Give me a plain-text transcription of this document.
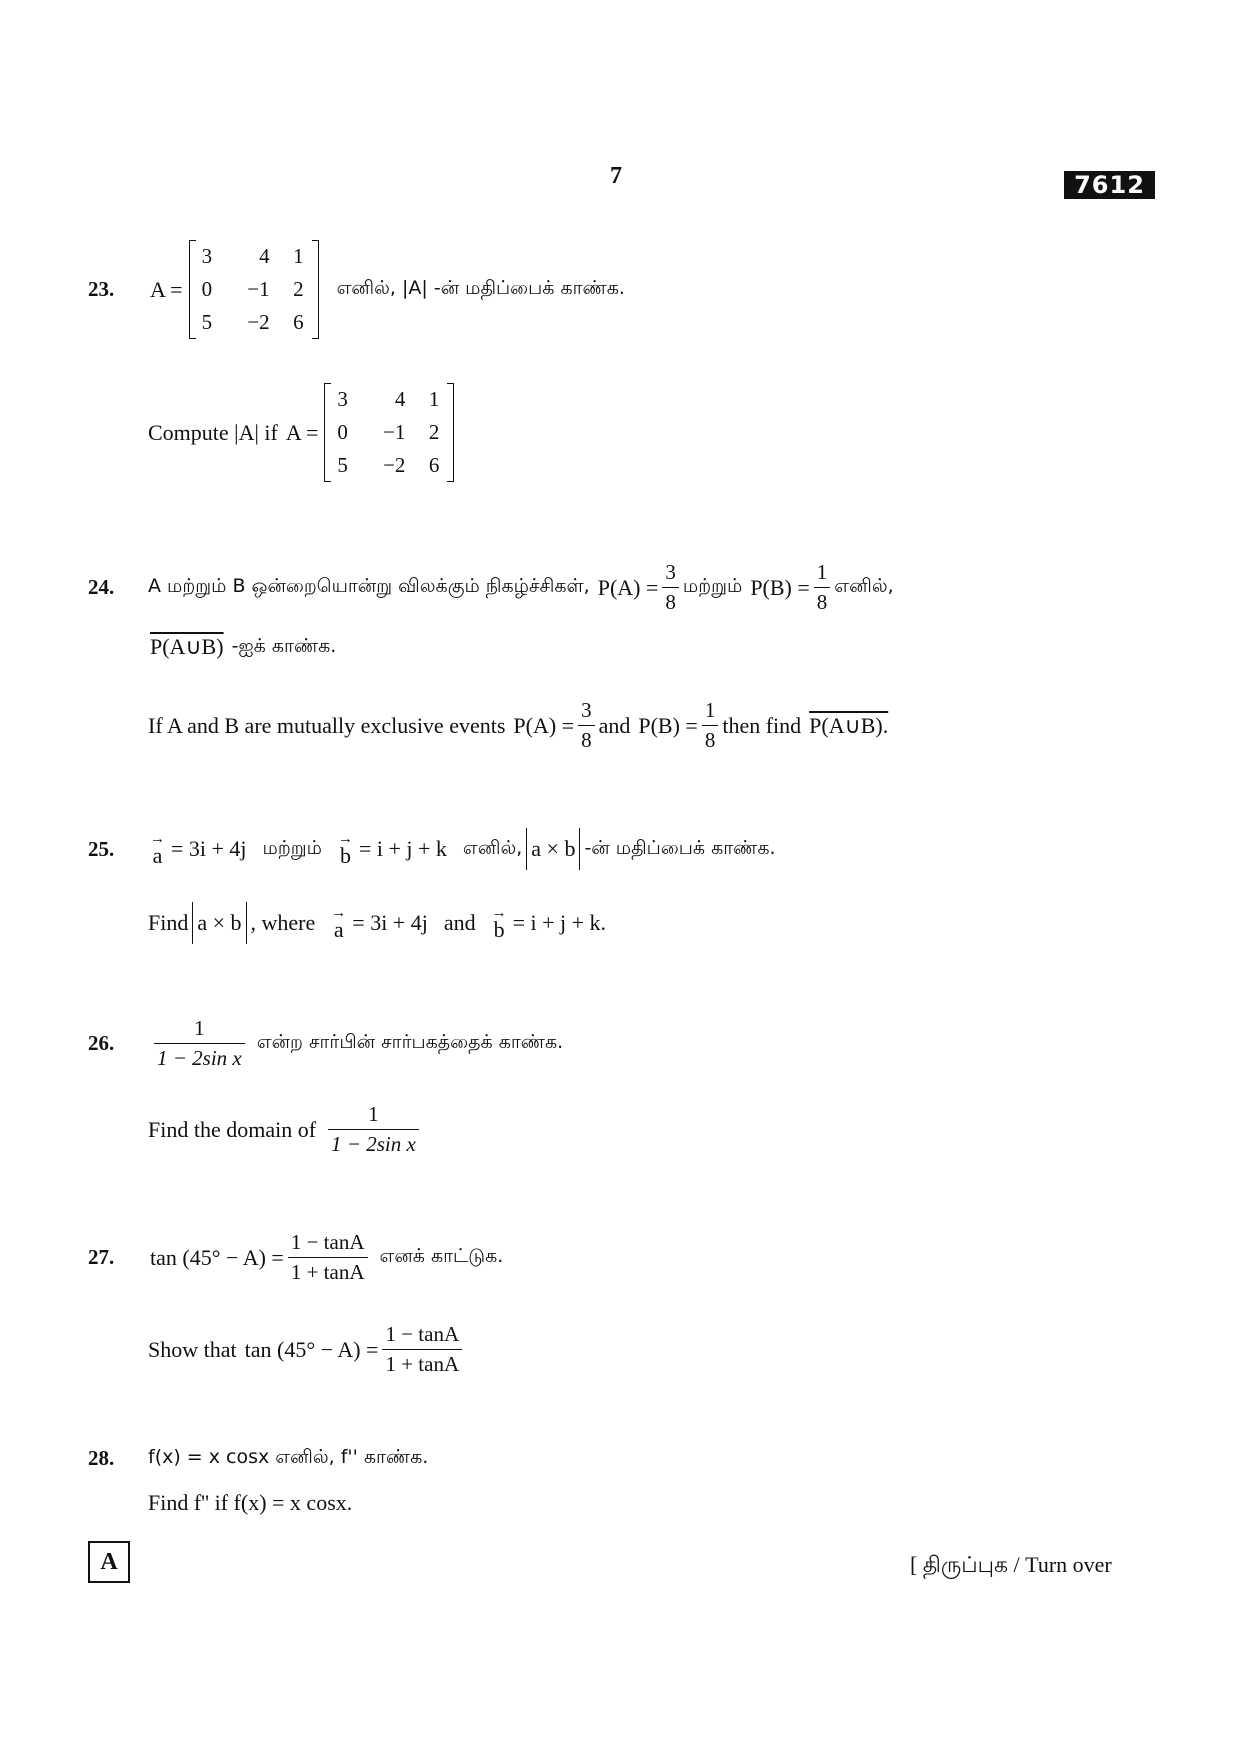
7	7612
23.	A =
3	4	1
0	−1	2
5	−2	6
எனில், |A| -ன் மதிப்பைக் காண்க.
Compute |A| if A =
3	4	1
0	−1	2
5	−2	6
24.	A மற்றும் B ஒன்றையொன்று விலக்கும் நிகழ்ச்சிகள், $P(A) = \frac{3}{8}$ மற்றும் $P(B) = \frac{1}{8}$ எனில்,
P(A∪B) -ஐக் காண்க.
If A and B are mutually exclusive events $P(A) = \frac{3}{8}$ and $P(B) = \frac{1}{8}$ then find P(A∪B).
25.	→
a = 3i + 4j மற்றும் →
b = i + j + k எனில், a × b -ன் மதிப்பைக் காண்க.
Find a × b , where →
a = 3i + 4j and →
b = i + j + k .
26.	$\frac{1}{\text{1 − 2sin x}}$ என்ற சார்பின் சார்பகத்தைக் காண்க.
Find the domain of $\frac{1}{\text{1 − 2sin x}}$
27.	$\tan (45^\circ - A) = \frac{1 - \tan A}{1 + \tan A}$ எனக் காட்டுக.
Show that $\tan (45^\circ - A) = \frac{1 - \tan A}{1 + \tan A}$
28.	f(x) = x cosx எனில், f'' காண்க.
Find f'' if f(x) = x cosx.
A	[ திருப்புக / Turn over
